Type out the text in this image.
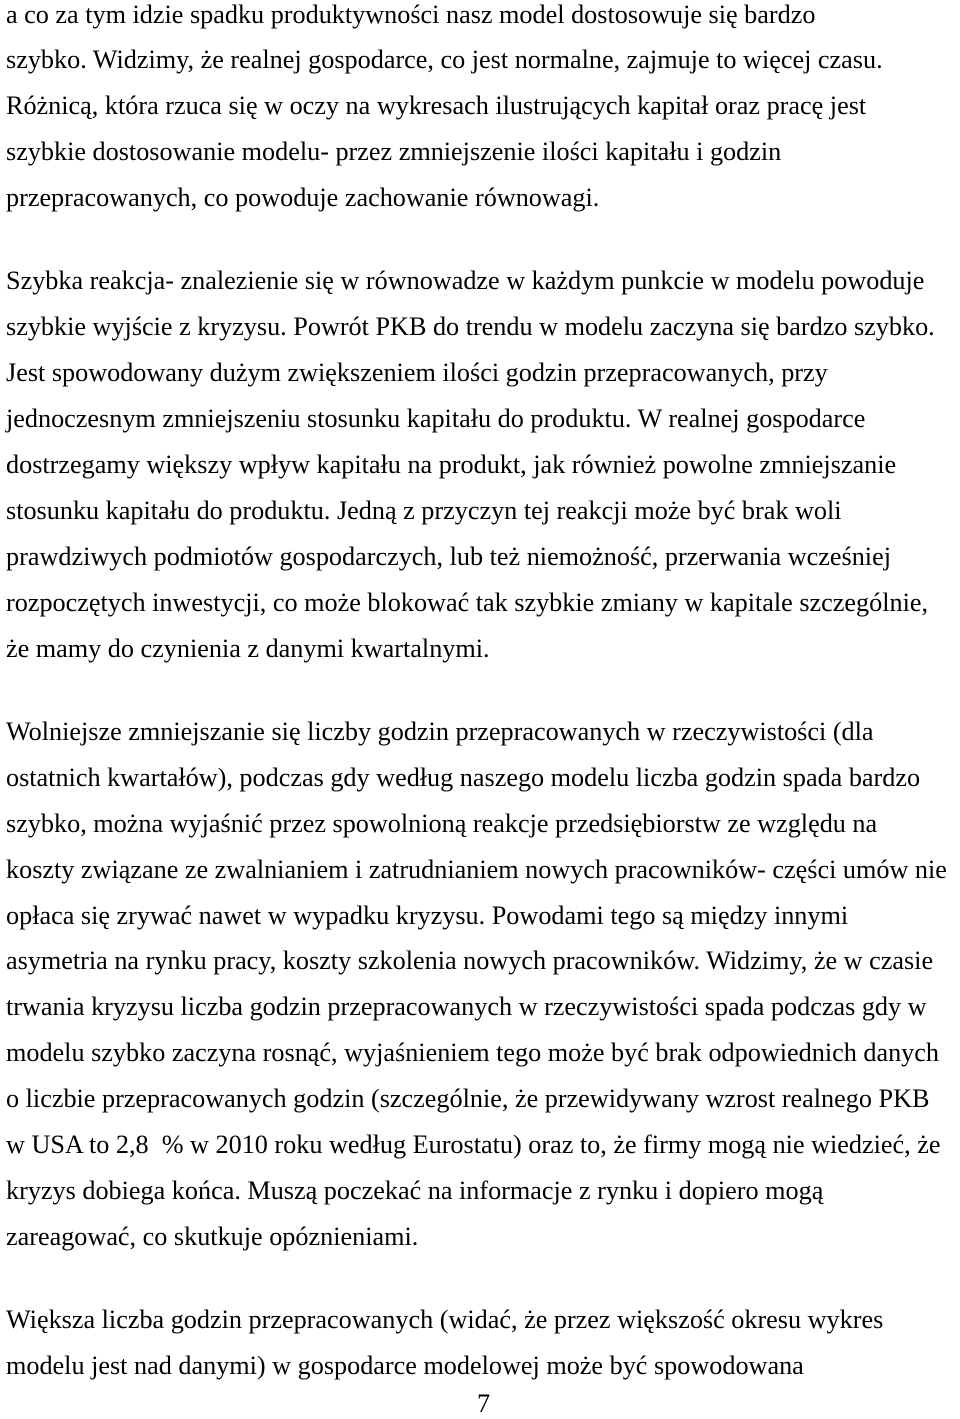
a co za tym idzie spadku produktywności nasz model dostosowuje się bardzo
szybko. Widzimy, że realnej gospodarce, co jest normalne, zajmuje to więcej czasu.
Różnicą, która rzuca się w oczy na wykresach ilustrujących kapitał oraz pracę jest
szybkie dostosowanie modelu- przez zmniejszenie ilości kapitału i godzin
przepracowanych, co powoduje zachowanie równowagi.
Szybka reakcja- znalezienie się w równowadze w każdym punkcie w modelu powoduje
szybkie wyjście z kryzysu. Powrót PKB do trendu w modelu zaczyna się bardzo szybko.
Jest spowodowany dużym zwiększeniem ilości godzin przepracowanych, przy
jednoczesnym zmniejszeniu stosunku kapitału do produktu. W realnej gospodarce
dostrzegamy większy wpływ kapitału na produkt, jak również powolne zmniejszanie
stosunku kapitału do produktu. Jedną z przyczyn tej reakcji może być brak woli
prawdziwych podmiotów gospodarczych, lub też niemożność, przerwania wcześniej
rozpoczętych inwestycji, co może blokować tak szybkie zmiany w kapitale szczególnie,
że mamy do czynienia z danymi kwartalnymi.
Wolniejsze zmniejszanie się liczby godzin przepracowanych w rzeczywistości (dla
ostatnich kwartałów), podczas gdy według naszego modelu liczba godzin spada bardzo
szybko, można wyjaśnić przez spowolnioną reakcje przedsiębiorstw ze względu na
koszty związane ze zwalnianiem i zatrudnianiem nowych pracowników- części umów nie
opłaca się zrywać nawet w wypadku kryzysu. Powodami tego są między innymi
asymetria na rynku pracy, koszty szkolenia nowych pracowników. Widzimy, że w czasie
trwania kryzysu liczba godzin przepracowanych w rzeczywistości spada podczas gdy w
modelu szybko zaczyna rosnąć, wyjaśnieniem tego może być brak odpowiednich danych
o liczbie przepracowanych godzin (szczególnie, że przewidywany wzrost realnego PKB
w USA to 2,8  % w 2010 roku według Eurostatu) oraz to, że firmy mogą nie wiedzieć, że
kryzys dobiega końca. Muszą poczekać na informacje z rynku i dopiero mogą
zareagować, co skutkuje opóznieniami.
Większa liczba godzin przepracowanych (widać, że przez większość okresu wykres
modelu jest nad danymi) w gospodarce modelowej może być spowodowana
7
